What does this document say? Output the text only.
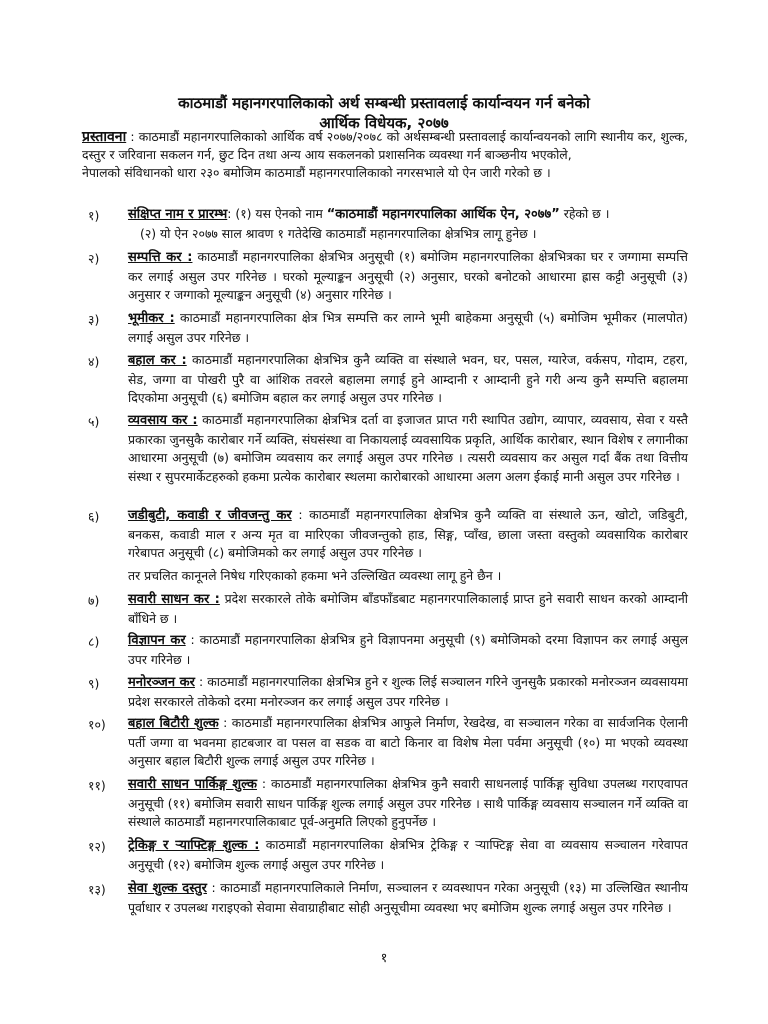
काठमाडौं महानगरपालिकाको अर्थ सम्बन्धी प्रस्तावलाई कार्यान्वयन गर्न बनेको
आर्थिक विधेयक, २०७७
प्रस्तावना : काठमाडौं महानगरपालिकाको आर्थिक वर्ष २०७७/२०७८ को अर्थसम्बन्धी प्रस्तावलाई कार्यान्वयनको लागि स्थानीय कर, शुल्क, दस्तुर र जरिवाना सकलन गर्न, छुट दिन तथा अन्य आय सकलनको प्रशासनिक व्यवस्था गर्न बाञ्छनीय भएकोले,
नेपालको संविधानको धारा २३० बमोजिम काठमाडौं महानगरपालिकाको नगरसभाले यो ऐन जारी गरेको छ ।
१) संक्षिप्त नाम र प्रारम्भ: (१) यस ऐनको नाम “काठमाडौं महानगरपालिका आर्थिक ऐन, २०७७” रहेको छ ।
(२) यो ऐन २०७७ साल श्रावण १ गतेदेखि काठमाडौं महानगरपालिका क्षेत्रभित्र लागू हुनेछ ।
२) सम्पत्ति कर : काठमाडौं महानगरपालिका क्षेत्रभित्र अनुसूची (१) बमोजिम महानगरपालिका क्षेत्रभित्रका घर र जग्गामा सम्पत्ति कर लगाई असुल उपर गरिनेछ । घरको मूल्याङ्कन अनुसूची (२) अनुसार, घरको बनोटको आधारमा ह्रास कट्टी अनुसूची (३) अनुसार र जग्गाको मूल्याङ्कन अनुसूची (४) अनुसार गरिनेछ ।
३) भूमीकर : काठमाडौं महानगरपालिका क्षेत्र भित्र सम्पत्ति कर लाग्ने भूमी बाहेकमा अनुसूची (५) बमोजिम भूमीकर (मालपोत) लगाई असुल उपर गरिनेछ ।
४) बहाल कर : काठमाडौं महानगरपालिका क्षेत्रभित्र कुनै व्यक्ति वा संस्थाले भवन, घर, पसल, ग्यारेज, वर्कसप, गोदाम, टहरा, सेड, जग्गा वा पोखरी पुरै वा आंशिक तवरले बहालमा लगाई हुने आम्दानी र आम्दानी हुने गरी अन्य कुनै सम्पत्ति बहालमा दिएकोमा अनुसूची (६) बमोजिम बहाल कर लगाई असुल उपर गरिनेछ ।
५) व्यवसाय कर : काठमाडौं महानगरपालिका क्षेत्रभित्र दर्ता वा इजाजत प्राप्त गरी स्थापित उद्योग, व्यापार, व्यवसाय, सेवा र यस्तै प्रकारका जुनसुकै कारोबार गर्ने व्यक्ति, संघसंस्था वा निकायलाई व्यवसायिक प्रकृति, आर्थिक कारोबार, स्थान विशेष र लगानीका आधारमा अनुसूची (७) बमोजिम व्यवसाय कर लगाई असुल उपर गरिनेछ । त्यसरी व्यवसाय कर असुल गर्दा बैंक तथा वित्तीय संस्था र सुपरमार्केटहरुको हकमा प्रत्येक कारोबार स्थलमा कारोबारको आधारमा अलग अलग ईकाई मानी असुल उपर गरिनेछ ।
६) जडीबुटी, कवाडी र जीवजन्तु कर : काठमाडौं महानगरपालिका क्षेत्रभित्र कुनै व्यक्ति वा संस्थाले ऊन, खोटो, जडिबुटी, बनकस, कवाडी माल र अन्य मृत वा मारिएका जीवजन्तुको हाड, सिङ्ग, प्वाँख, छाला जस्ता वस्तुको व्यवसायिक कारोबार गरेबापत अनुसूची (८) बमोजिमको कर लगाई असुल उपर गरिनेछ ।
तर प्रचलित कानूनले निषेध गरिएकाको हकमा भने उल्लिखित व्यवस्था लागू हुने छैन ।
७) सवारी साधन कर : प्रदेश सरकारले तोके बमोजिम बाँडफाँडबाट महानगरपालिकालाई प्राप्त हुने सवारी साधन करको आम्दानी बाँधिने छ ।
८) विज्ञापन कर : काठमाडौं महानगरपालिका क्षेत्रभित्र हुने विज्ञापनमा अनुसूची (९) बमोजिमको दरमा विज्ञापन कर लगाई असुल उपर गरिनेछ ।
९) मनोरञ्जन कर : काठमाडौं महानगरपालिका क्षेत्रभित्र हुने र शुल्क लिई सञ्चालन गरिने जुनसुकै प्रकारको मनोरञ्जन व्यवसायमा प्रदेश सरकारले तोकेको दरमा मनोरञ्जन कर लगाई असुल उपर गरिनेछ ।
१०) बहाल बिटौरी शुल्क : काठमाडौं महानगरपालिका क्षेत्रभित्र आफुले निर्माण, रेखदेख, वा सञ्चालन गरेका वा सार्वजनिक ऐलानी पर्ती जग्गा वा भवनमा हाटबजार वा पसल वा सडक वा बाटो किनार वा विशेष मेला पर्वमा अनुसूची (१०) मा भएको व्यवस्था अनुसार बहाल बिटौरी शुल्क लगाई असुल उपर गरिनेछ ।
११) सवारी साधन पार्किङ्ग शुल्क : काठमाडौं महानगरपालिका क्षेत्रभित्र कुनै सवारी साधनलाई पार्किङ्ग सुविधा उपलब्ध गराएवापत अनुसूची (११) बमोजिम सवारी साधन पार्किङ्ग शुल्क लगाई असुल उपर गरिनेछ । साथै पार्किङ्ग व्यवसाय सञ्चालन गर्ने व्यक्ति वा संस्थाले काठमाडौं महानगरपालिकाबाट पूर्व-अनुमति लिएको हुनुपर्नेछ ।
१२) ट्रेकिङ्ग र र्‍याफ्टिङ्ग शुल्क : काठमाडौं महानगरपालिका क्षेत्रभित्र ट्रेकिङ्ग र र्‍याफ्टिङ्ग सेवा वा व्यवसाय सञ्चालन गरेवापत अनुसूची (१२) बमोजिम शुल्क लगाई असुल उपर गरिनेछ ।
१३) सेवा शुल्क दस्तुर : काठमाडौं महानगरपालिकाले निर्माण, सञ्चालन र व्यवस्थापन गरेका अनुसूची (१३) मा उल्लिखित स्थानीय पूर्वाधार र उपलब्ध गराइएको सेवामा सेवाग्राहीबाट सोही अनुसूचीमा व्यवस्था भए बमोजिम शुल्क लगाई असुल उपर गरिनेछ ।
१
